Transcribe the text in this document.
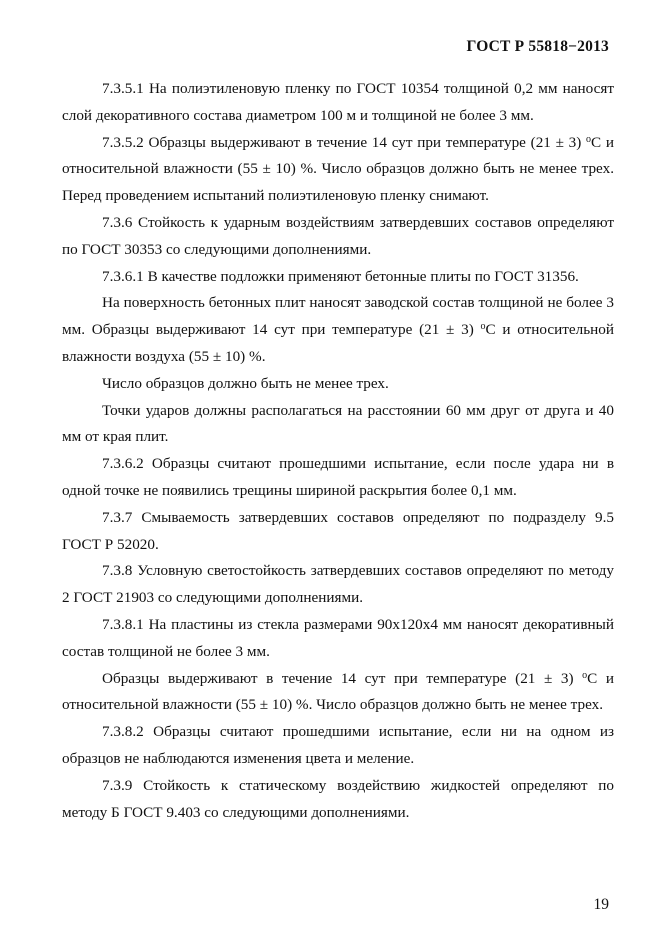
ГОСТ Р 55818−2013

7.3.5.1 На полиэтиленовую пленку по ГОСТ 10354 толщиной 0,2 мм наносят слой декоративного состава диаметром 100 м и толщиной не более 3 мм.

7.3.5.2 Образцы выдерживают в течение 14 сут при температуре (21 ± 3) $^o$С и относительной влажности (55 ± 10) %. Число образцов должно быть не менее трех. Перед проведением испытаний полиэтиленовую пленку снимают.

7.3.6 Стойкость к ударным воздействиям затвердевших составов определяют по ГОСТ 30353 со следующими дополнениями.

7.3.6.1 В качестве подложки применяют бетонные плиты по ГОСТ 31356.

На поверхность бетонных плит наносят заводской состав толщиной не более 3 мм. Образцы выдерживают 14 сут при температуре (21 ± 3) $^o$С и относительной влажности воздуха (55 ± 10) %.

Число образцов должно быть не менее трех.

Точки ударов должны располагаться на расстоянии 60 мм друг от друга и 40 мм от края плит.

7.3.6.2 Образцы считают прошедшими испытание, если после удара ни в одной точке не появились трещины шириной раскрытия более 0,1 мм.

7.3.7 Смываемость затвердевших составов определяют по подразделу 9.5 ГОСТ Р 52020.

7.3.8 Условную светостойкость затвердевших составов определяют по методу 2 ГОСТ 21903 со следующими дополнениями.

7.3.8.1 На пластины из стекла размерами 90х120х4 мм наносят декоративный состав толщиной не более 3 мм.

Образцы выдерживают в течение 14 сут при температуре (21 ± 3) $^o$С и относительной влажности (55 ± 10) %. Число образцов должно быть не менее трех.

7.3.8.2 Образцы считают прошедшими испытание, если ни на одном из образцов не наблюдаются изменения цвета и меление.

7.3.9 Стойкость к статическому воздействию жидкостей определяют по методу Б ГОСТ 9.403 со следующими дополнениями.

19
